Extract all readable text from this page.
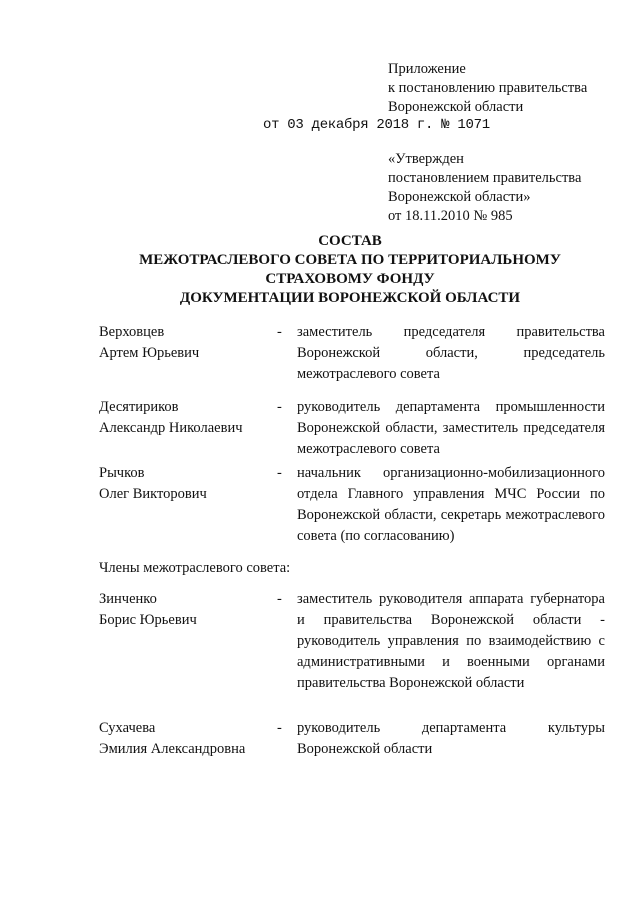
Приложение
к постановлению правительства
Воронежской области
от 03 декабря 2018 г. № 1071
«Утвержден
постановлением правительства
Воронежской области»
от 18.11.2010 № 985
СОСТАВ
МЕЖОТРАСЛЕВОГО СОВЕТА ПО ТЕРРИТОРИАЛЬНОМУ
СТРАХОВОМУ ФОНДУ
ДОКУМЕНТАЦИИ ВОРОНЕЖСКОЙ ОБЛАСТИ
Верховцев
Артем Юрьевич
- заместитель председателя правительства Воронежской области, председатель межотраслевого совета
Десятириков
Александр Николаевич
- руководитель департамента промышленности Воронежской области, заместитель председателя межотраслевого совета
Рычков
Олег Викторович
- начальник организационно-мобилизационного отдела Главного управления МЧС России по Воронежской области, секретарь межотраслевого совета (по согласованию)
Члены межотраслевого совета:
Зинченко
Борис Юрьевич
- заместитель руководителя аппарата губернатора и правительства Воронежской области - руководитель управления по взаимодействию с административными и военными органами правительства Воронежской области
Сухачева
Эмилия Александровна
- руководитель департамента культуры Воронежской области
